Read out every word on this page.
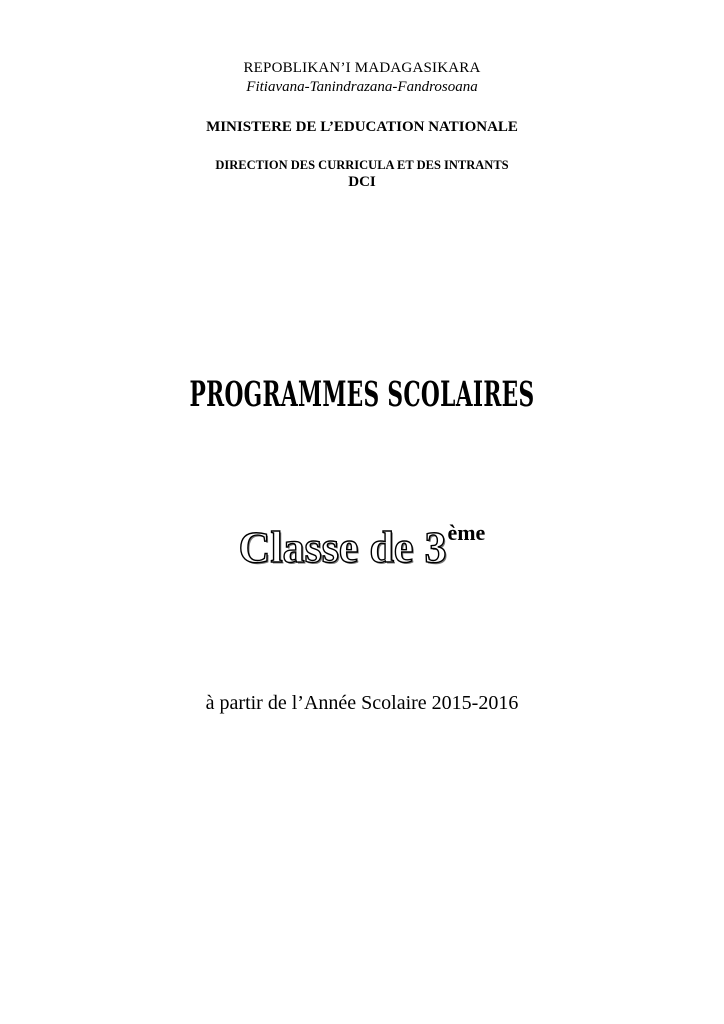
REPOBLIKAN’I MADAGASIKARA
Fitiavana-Tanindrazana-Fandrosoana
MINISTERE DE L’EDUCATION NATIONALE
DIRECTION DES CURRICULA ET DES INTRANTS
DCI
PROGRAMMES SCOLAIRES
Classe de 3ème
à partir de l’Année Scolaire 2015-2016
